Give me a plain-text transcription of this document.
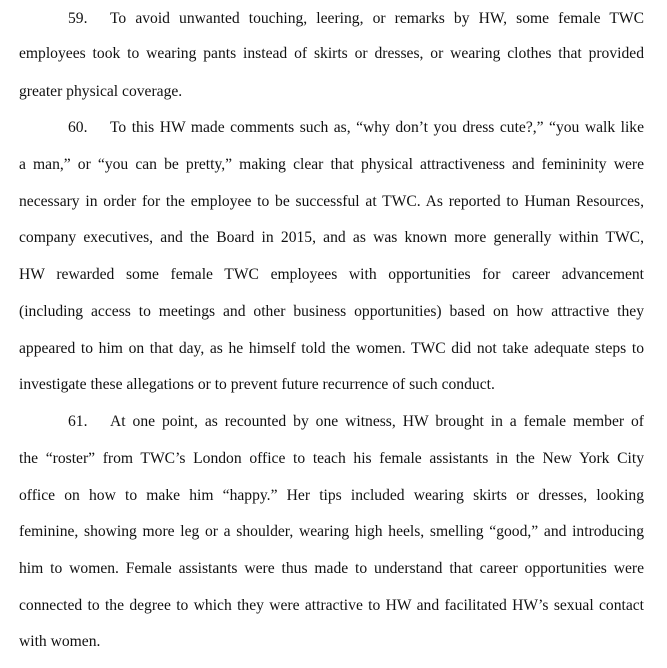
59. To avoid unwanted touching, leering, or remarks by HW, some female TWC
employees took to wearing pants instead of skirts or dresses, or wearing clothes that provided
greater physical coverage.
60. To this HW made comments such as, “why don’t you dress cute?,” “you walk like
a man,” or “you can be pretty,” making clear that physical attractiveness and femininity were
necessary in order for the employee to be successful at TWC. As reported to Human Resources,
company executives, and the Board in 2015, and as was known more generally within TWC,
HW rewarded some female TWC employees with opportunities for career advancement
(including access to meetings and other business opportunities) based on how attractive they
appeared to him on that day, as he himself told the women. TWC did not take adequate steps to
investigate these allegations or to prevent future recurrence of such conduct.
61. At one point, as recounted by one witness, HW brought in a female member of
the “roster” from TWC’s London office to teach his female assistants in the New York City
office on how to make him “happy.” Her tips included wearing skirts or dresses, looking
feminine, showing more leg or a shoulder, wearing high heels, smelling “good,” and introducing
him to women. Female assistants were thus made to understand that career opportunities were
connected to the degree to which they were attractive to HW and facilitated HW’s sexual contact
with women.
